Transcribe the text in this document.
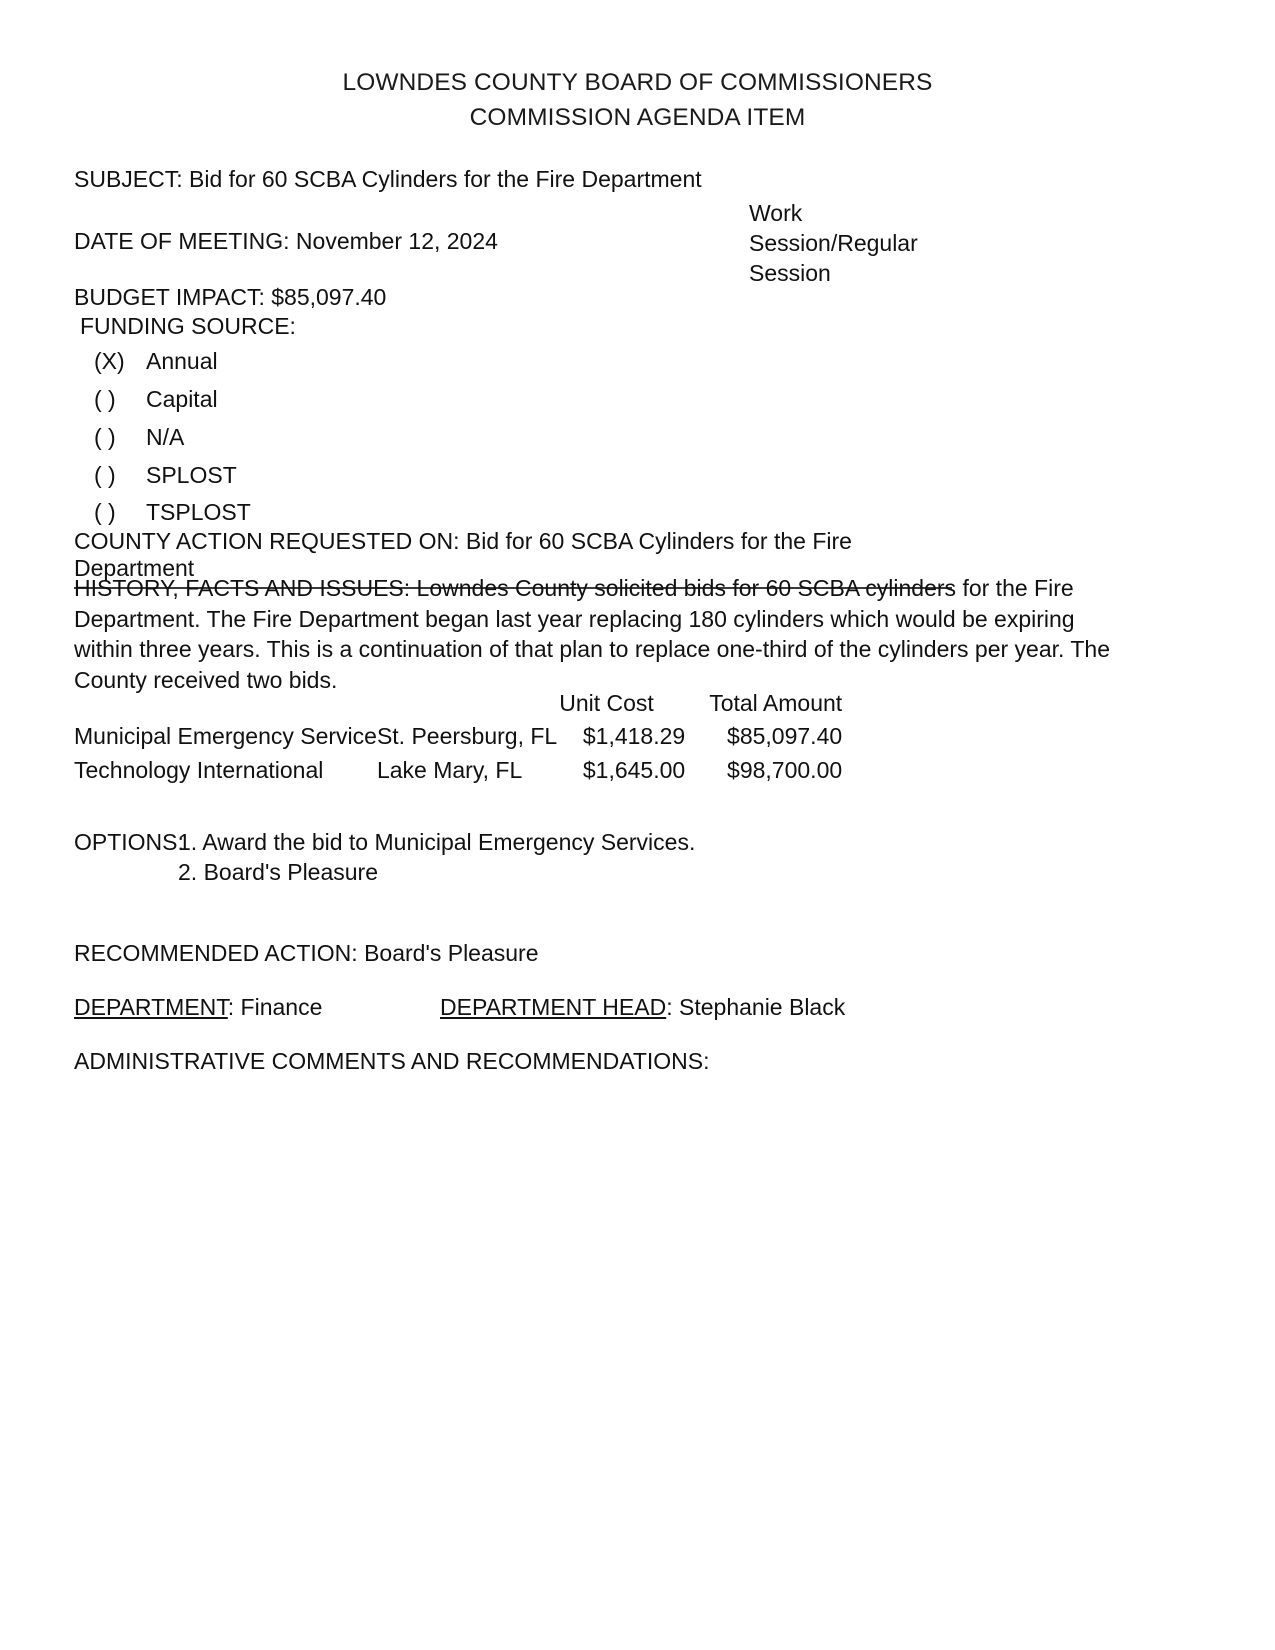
LOWNDES COUNTY BOARD OF COMMISSIONERS
COMMISSION AGENDA ITEM
SUBJECT: Bid for 60 SCBA Cylinders for the Fire Department
DATE OF MEETING: November 12, 2024
Work
Session/Regular
Session

BUDGET IMPACT: $85,097.40

FUNDING SOURCE:

(X) Annual
( )	Capital
( )	N/A
( )	SPLOST
( )	TSPLOST
COUNTY ACTION REQUESTED ON: Bid for 60 SCBA Cylinders for the Fire Department
HISTORY, FACTS AND ISSUES: Lowndes County solicited bids for 60 SCBA cylinders for the Fire Department. The Fire Department began last year replacing 180 cylinders which would be expiring within three years. This is a continuation of that plan to replace one-third of the cylinders per year. The County received two bids.
		Unit Cost	Total Amount
Municipal Emergency Service	St. Peersburg, FL	$1,418.29	$85,097.40
Technology International	Lake Mary, FL	$1,645.00	$98,700.00
OPTIONS:1. Award the bid to Municipal Emergency Services.
2. Board's Pleasure
RECOMMENDED ACTION: Board's Pleasure
DEPARTMENT: Finance	DEPARTMENT HEAD: Stephanie Black
ADMINISTRATIVE COMMENTS AND RECOMMENDATIONS:
